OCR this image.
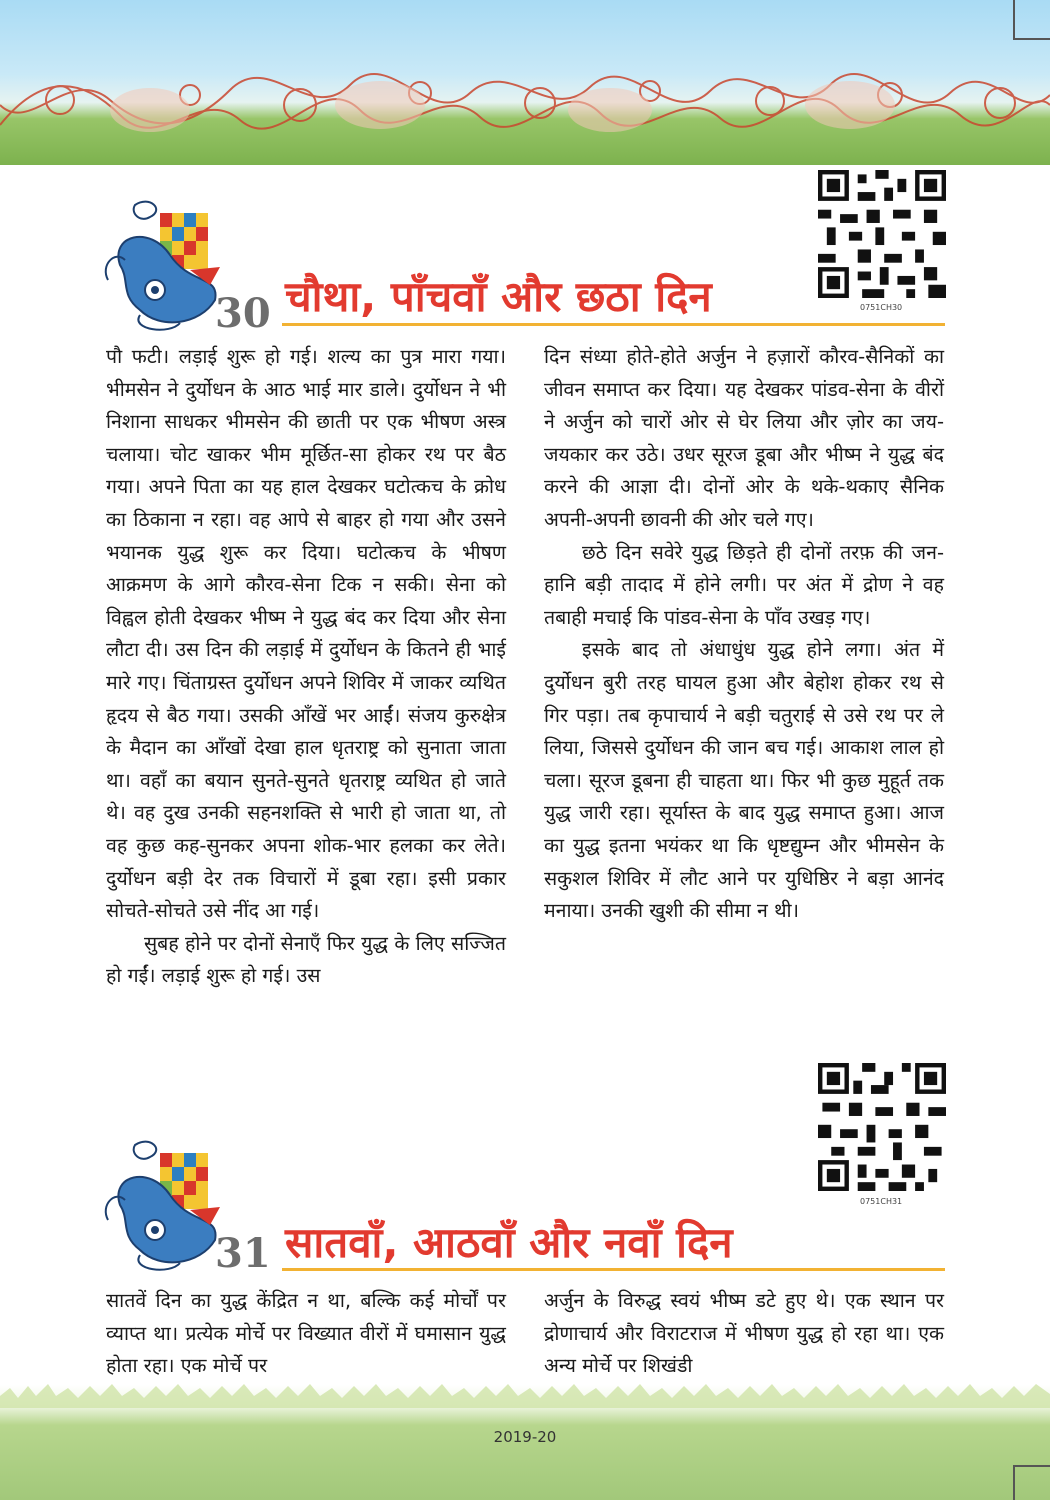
30 चौथा, पाँचवाँ और छठा दिन	0751CH30

पौ फटी। लड़ाई शुरू हो गई। शल्य का पुत्र मारा गया। भीमसेन ने दुर्योधन के आठ भाई मार डाले। दुर्योधन ने भी निशाना साधकर भीमसेन की छाती पर एक भीषण अस्त्र चलाया। चोट खाकर भीम मूर्छित-सा होकर रथ पर बैठ गया। अपने पिता का यह हाल देखकर घटोत्कच के क्रोध का ठिकाना न रहा। वह आपे से बाहर हो गया और उसने भयानक युद्ध शुरू कर दिया। घटोत्कच के भीषण आक्रमण के आगे कौरव-सेना टिक न सकी। सेना को विह्वल होती देखकर भीष्म ने युद्ध बंद कर दिया और सेना लौटा दी। उस दिन की लड़ाई में दुर्योधन के कितने ही भाई मारे गए। चिंताग्रस्त दुर्योधन अपने शिविर में जाकर व्यथित हृदय से बैठ गया। उसकी आँखें भर आईं। संजय कुरुक्षेत्र के मैदान का आँखों देखा हाल धृतराष्ट्र को सुनाता जाता था। वहाँ का बयान सुनते-सुनते धृतराष्ट्र व्यथित हो जाते थे। वह दुख उनकी सहनशक्ति से भारी हो जाता था, तो वह कुछ कह-सुनकर अपना शोक-भार हलका कर लेते। दुर्योधन बड़ी देर तक विचारों में डूबा रहा। इसी प्रकार सोचते-सोचते उसे नींद आ गई।

सुबह होने पर दोनों सेनाएँ फिर युद्ध के लिए सज्जित हो गईं। लड़ाई शुरू हो गई। उस

दिन संध्या होते-होते अर्जुन ने हज़ारों कौरव-सैनिकों का जीवन समाप्त कर दिया। यह देखकर पांडव-सेना के वीरों ने अर्जुन को चारों ओर से घेर लिया और ज़ोर का जय-जयकार कर उठे। उधर सूरज डूबा और भीष्म ने युद्ध बंद करने की आज्ञा दी। दोनों ओर के थके-थकाए सैनिक अपनी-अपनी छावनी की ओर चले गए।

छठे दिन सवेरे युद्ध छिड़ते ही दोनों तरफ़ की जन-हानि बड़ी तादाद में होने लगी। पर अंत में द्रोण ने वह तबाही मचाई कि पांडव-सेना के पाँव उखड़ गए।

इसके बाद तो अंधाधुंध युद्ध होने लगा। अंत में दुर्योधन बुरी तरह घायल हुआ और बेहोश होकर रथ से गिर पड़ा। तब कृपाचार्य ने बड़ी चतुराई से उसे रथ पर ले लिया, जिससे दुर्योधन की जान बच गई। आकाश लाल हो चला। सूरज डूबना ही चाहता था। फिर भी कुछ मुहूर्त तक युद्ध जारी रहा। सूर्यास्त के बाद युद्ध समाप्त हुआ। आज का युद्ध इतना भयंकर था कि धृष्टद्युम्न और भीमसेन के सकुशल शिविर में लौट आने पर युधिष्ठिर ने बड़ा आनंद मनाया। उनकी खुशी की सीमा न थी।

0751CH31
31 सातवाँ, आठवाँ और नवाँ दिन

सातवें दिन का युद्ध केंद्रित न था, बल्कि कई मोर्चों पर व्याप्त था। प्रत्येक मोर्चे पर विख्यात वीरों में घमासान युद्ध होता रहा। एक मोर्चे पर

अर्जुन के विरुद्ध स्वयं भीष्म डटे हुए थे। एक स्थान पर द्रोणाचार्य और विराटराज में भीषण युद्ध हो रहा था। एक अन्य मोर्चे पर शिखंडी

2019-20
